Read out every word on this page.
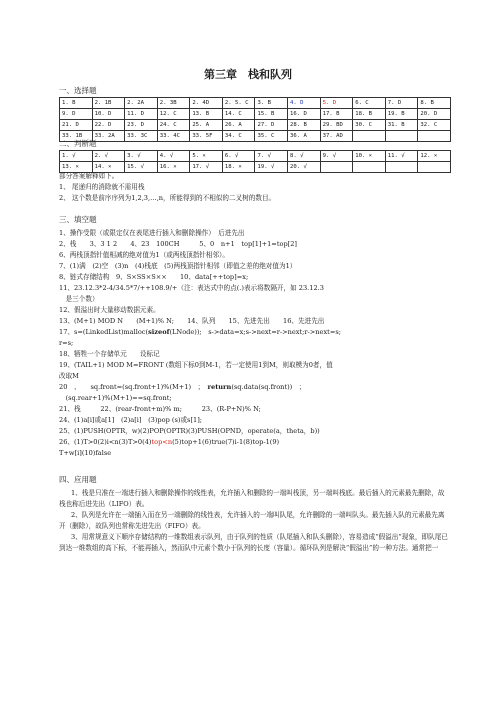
第三章　栈和队列
一、选择题
1. B	2. 1B	2. 2A	2. 3B	2. 4D	2. 5. C	3. B	4. D	5. D	6. C	7. D	8. B
9. D	10. D	11. D	12. C	13. B	14. C	15. B	16. D	17. B	18. B	19. B	20. D
21. D	22. D	23. D	24. C	25. A	26. A	27. D	28. B	29. BD	30. C	31. B	32. C
33. 1B	33. 2A	33. 3C	33. 4C	33. 5F	34. C	35. C	36. A	37. AD			
二、判断题
1. √	2. √	3. √	4. √	5. ×	6. √	7. √	8. √	9. √	10. ×	11. √	12. ×
13. ×	14. ×	15. √	16. ×	17. √	18. ×	19. √	20. √				

部分答案解释如下。

1、 尾递归的消除就不需用栈

2、 这个数是前序序列为1,2,3,…,n，所能得到的不相似的二叉树的数目。

三、填空题

1、操作受限（或限定仅在表尾进行插入和删除操作）　后进先出

2、栈　　3、3 1 2　　4、23　100CH　　　5、0　n+1　top[1]+1=top[2]

6、两栈顶指针值相减的绝对值为1（或两栈顶指针相邻）。

7、(1)满　(2)空　(3)n　(4)栈底　(5)两栈顶指针相邻（即值之差的绝对值为1）

8、链式存储结构　9、S×SS×S××　　10、data[++top]=x;

11、23.12.3*2-4/34.5*7/++108.9/+（注：表达式中的点(.)表示将数隔开，如 23.12.3

　是三个数）

12、假溢出时大量移动数据元素。

13、(M+1) MOD N　　(M+1)% N;　　14、队列　　15、先进先出　　16、先进先出

17、s=(LinkedList)malloc(sizeof(LNode));　s->data=x;s->next=r->next;r->next=s;

r=s;

18、牺牲一个存储单元　　设标记

19、(TAIL+1) MOD M=FRONT (数组下标0到M-1，若一定使用1到M，则取模为0者，值

改取M

20　、　　sq.front=(sq.front+1)%(M+1)　；　return(sq.data(sq.front))　；

　(sq.rear+1)%(M+1)==sq.front;

21、栈　　　22、(rear-front+m)% m;　　　23、(R-P+N)% N;

24、(1)a[i]或a[1]　(2)a[i]　(3)pop (s)或s[1];

25、(1)PUSH(OPTR，w)(2)POP(OPTR)(3)PUSH(OPND，operate(a，theta，b))

26、(1)T>0(2)i<n(3)T>0(4)top<n(5)top+1(6)true(7)i-1(8)top-1(9)

T+w[i](10)false

四、应用题

1、栈是只准在一端进行插入和删除操作的线性表，允许插入和删除的一端叫栈顶，另一端叫栈底。最后插入的元素最先删除，故栈也称后进先出（LIFO）表。

2、队列是允许在一端插入而在另一端删除的线性表，允许插入的一端叫队尾，允许删除的一端叫队头。最先插入队的元素最先离开（删除），故队列也常称先进先出（FIFO）表。

3、用常规意义下顺序存储结构的一维数组表示队列，由于队列的性质（队尾插入和队头删除），容易造成“假溢出”现象，即队尾已到达一维数组的高下标，不能再插入，然而队中元素个数小于队列的长度（容量）。循环队列是解决“假溢出”的一种方法。通常把一
